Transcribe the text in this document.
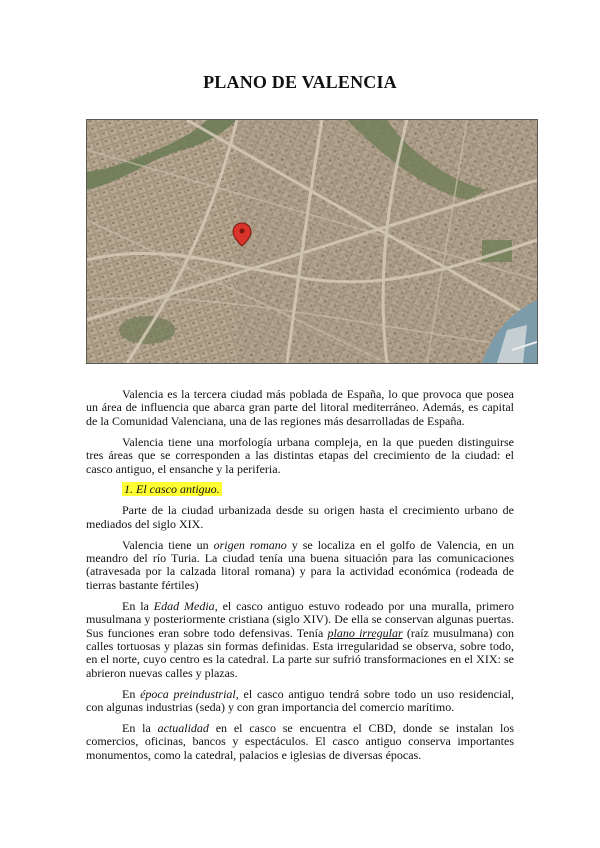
PLANO DE VALENCIA

Valencia es la tercera ciudad más poblada de España, lo que provoca que posea un área de influencia que abarca gran parte del litoral mediterráneo. Además, es capital de la Comunidad Valenciana, una de las regiones más desarrolladas de España.

Valencia tiene una morfología urbana compleja, en la que pueden distinguirse tres áreas que se corresponden a las distintas etapas del crecimiento de la ciudad: el casco antiguo, el ensanche y la periferia.

1. El casco antiguo.

Parte de la ciudad urbanizada desde su origen hasta el crecimiento urbano de mediados del siglo XIX.

Valencia tiene un origen romano y se localiza en el golfo de Valencia, en un meandro del río Turia. La ciudad tenía una buena situación para las comunicaciones (atravesada por la calzada litoral romana) y para la actividad económica (rodeada de tierras bastante fértiles)

En la Edad Media, el casco antiguo estuvo rodeado por una muralla, primero musulmana y posteriormente cristiana (siglo XIV). De ella se conservan algunas puertas. Sus funciones eran sobre todo defensivas. Tenía plano irregular (raíz musulmana) con calles tortuosas y plazas sin formas definidas. Esta irregularidad se observa, sobre todo, en el norte, cuyo centro es la catedral. La parte sur sufrió transformaciones en el XIX: se abrieron nuevas calles y plazas.

En época preindustrial, el casco antiguo tendrá sobre todo un uso residencial, con algunas industrias (seda) y con gran importancia del comercio marítimo.

En la actualidad en el casco se encuentra el CBD, donde se instalan los comercios, oficinas, bancos y espectáculos. El casco antiguo conserva importantes monumentos, como la catedral, palacios e iglesias de diversas épocas.
